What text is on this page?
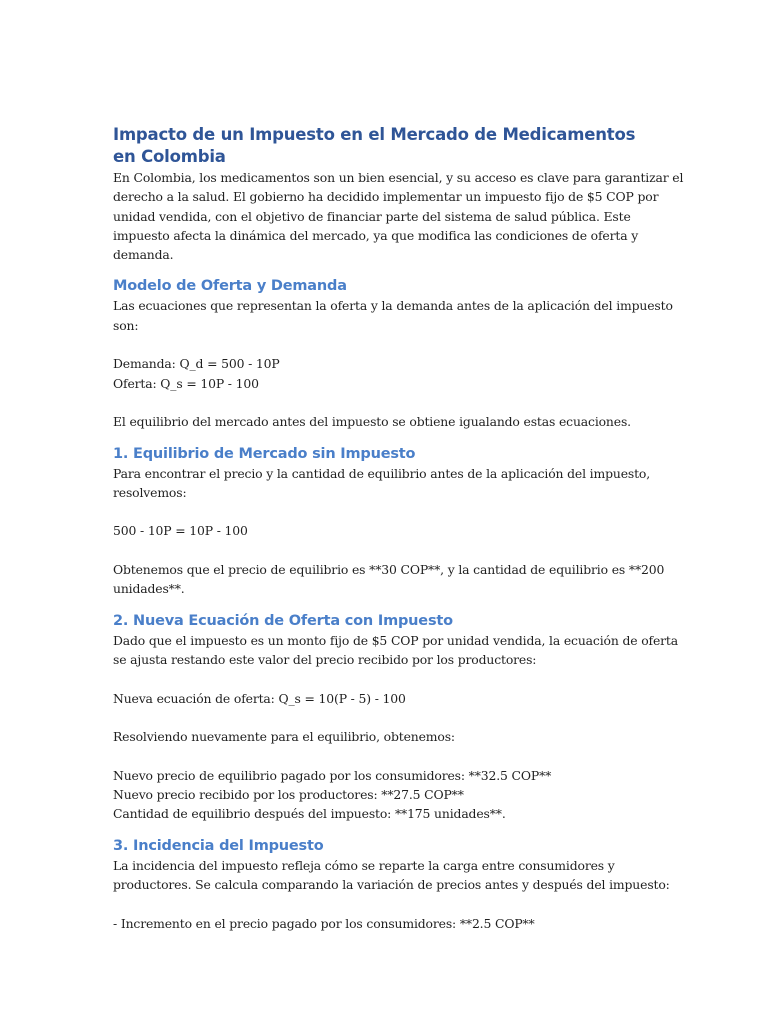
Impacto de un Impuesto en el Mercado de Medicamentos en Colombia

En Colombia, los medicamentos son un bien esencial, y su acceso es clave para garantizar el
derecho a la salud. El gobierno ha decidido implementar un impuesto fijo de $5 COP por
unidad vendida, con el objetivo de financiar parte del sistema de salud pública. Este
impuesto afecta la dinámica del mercado, ya que modifica las condiciones de oferta y
demanda.

Modelo de Oferta y Demanda

Las ecuaciones que representan la oferta y la demanda antes de la aplicación del impuesto
son:

Demanda: Q_d = 500 - 10P
Oferta: Q_s = 10P - 100

El equilibrio del mercado antes del impuesto se obtiene igualando estas ecuaciones.

1. Equilibrio de Mercado sin Impuesto

Para encontrar el precio y la cantidad de equilibrio antes de la aplicación del impuesto,
resolvemos:

500 - 10P = 10P - 100

Obtenemos que el precio de equilibrio es **30 COP**, y la cantidad de equilibrio es **200
unidades**.

2. Nueva Ecuación de Oferta con Impuesto

Dado que el impuesto es un monto fijo de $5 COP por unidad vendida, la ecuación de oferta
se ajusta restando este valor del precio recibido por los productores:

Nueva ecuación de oferta: Q_s = 10(P - 5) - 100

Resolviendo nuevamente para el equilibrio, obtenemos:

Nuevo precio de equilibrio pagado por los consumidores: **32.5 COP**
Nuevo precio recibido por los productores: **27.5 COP**
Cantidad de equilibrio después del impuesto: **175 unidades**.

3. Incidencia del Impuesto

La incidencia del impuesto refleja cómo se reparte la carga entre consumidores y
productores. Se calcula comparando la variación de precios antes y después del impuesto:

- Incremento en el precio pagado por los consumidores: **2.5 COP**
